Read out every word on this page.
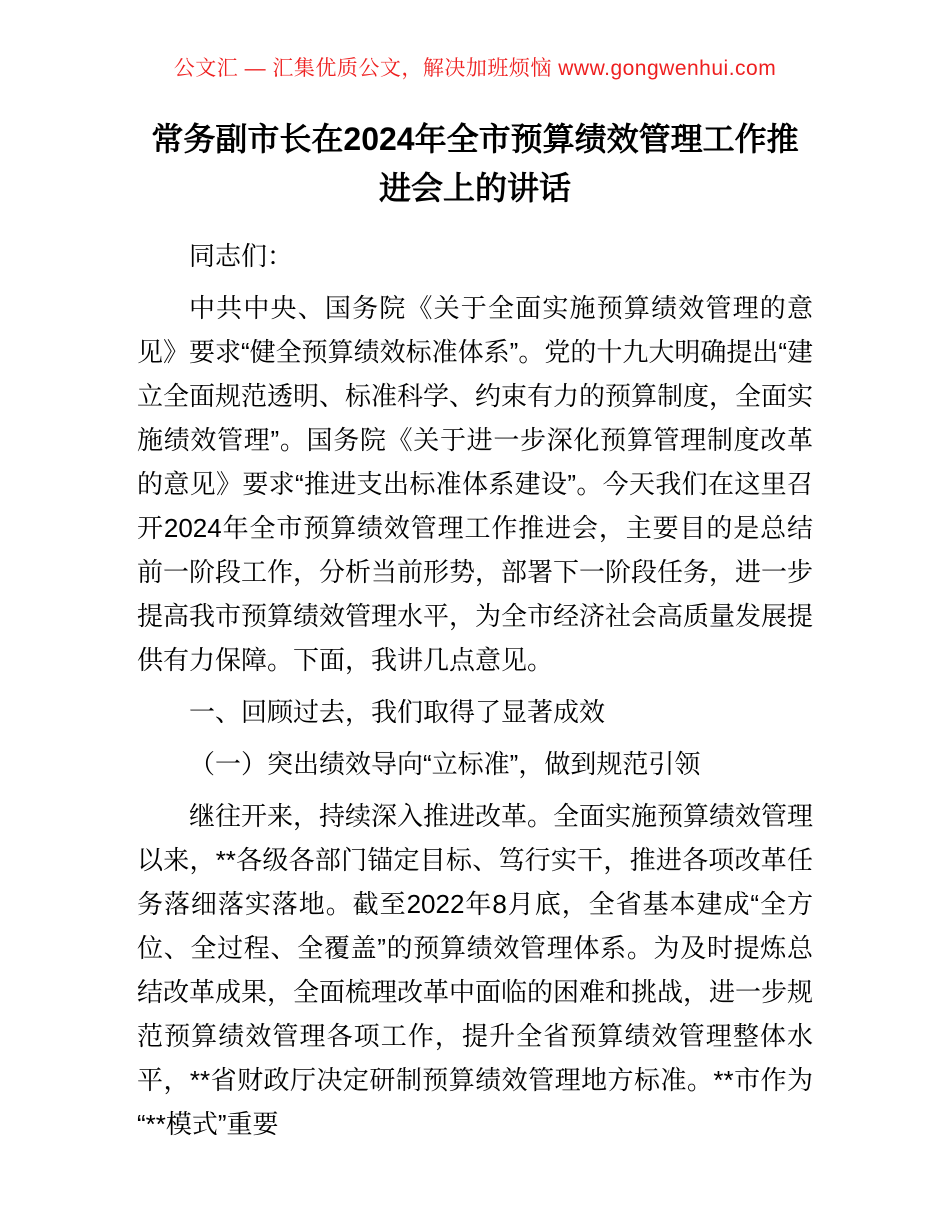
公文汇 — 汇集优质公文，解决加班烦恼 www.gongwenhui.com
常务副市长在2024年全市预算绩效管理工作推进会上的讲话

同志们：

中共中央、国务院《关于全面实施预算绩效管理的意见》要求“健全预算绩效标准体系”。党的十九大明确提出“建立全面规范透明、标准科学、约束有力的预算制度，全面实施绩效管理”。国务院《关于进一步深化预算管理制度改革的意见》要求“推进支出标准体系建设”。今天我们在这里召开2024年全市预算绩效管理工作推进会，主要目的是总结前一阶段工作，分析当前形势，部署下一阶段任务，进一步提高我市预算绩效管理水平，为全市经济社会高质量发展提供有力保障。下面，我讲几点意见。

一、回顾过去，我们取得了显著成效

（一）突出绩效导向“立标准”，做到规范引领

继往开来，持续深入推进改革。全面实施预算绩效管理以来，**各级各部门锚定目标、笃行实干，推进各项改革任务落细落实落地。截至2022年8月底，全省基本建成“全方位、全过程、全覆盖”的预算绩效管理体系。为及时提炼总结改革成果，全面梳理改革中面临的困难和挑战，进一步规范预算绩效管理各项工作，提升全省预算绩效管理整体水平，**省财政厅决定研制预算绩效管理地方标准。**市作为“**模式”重要
